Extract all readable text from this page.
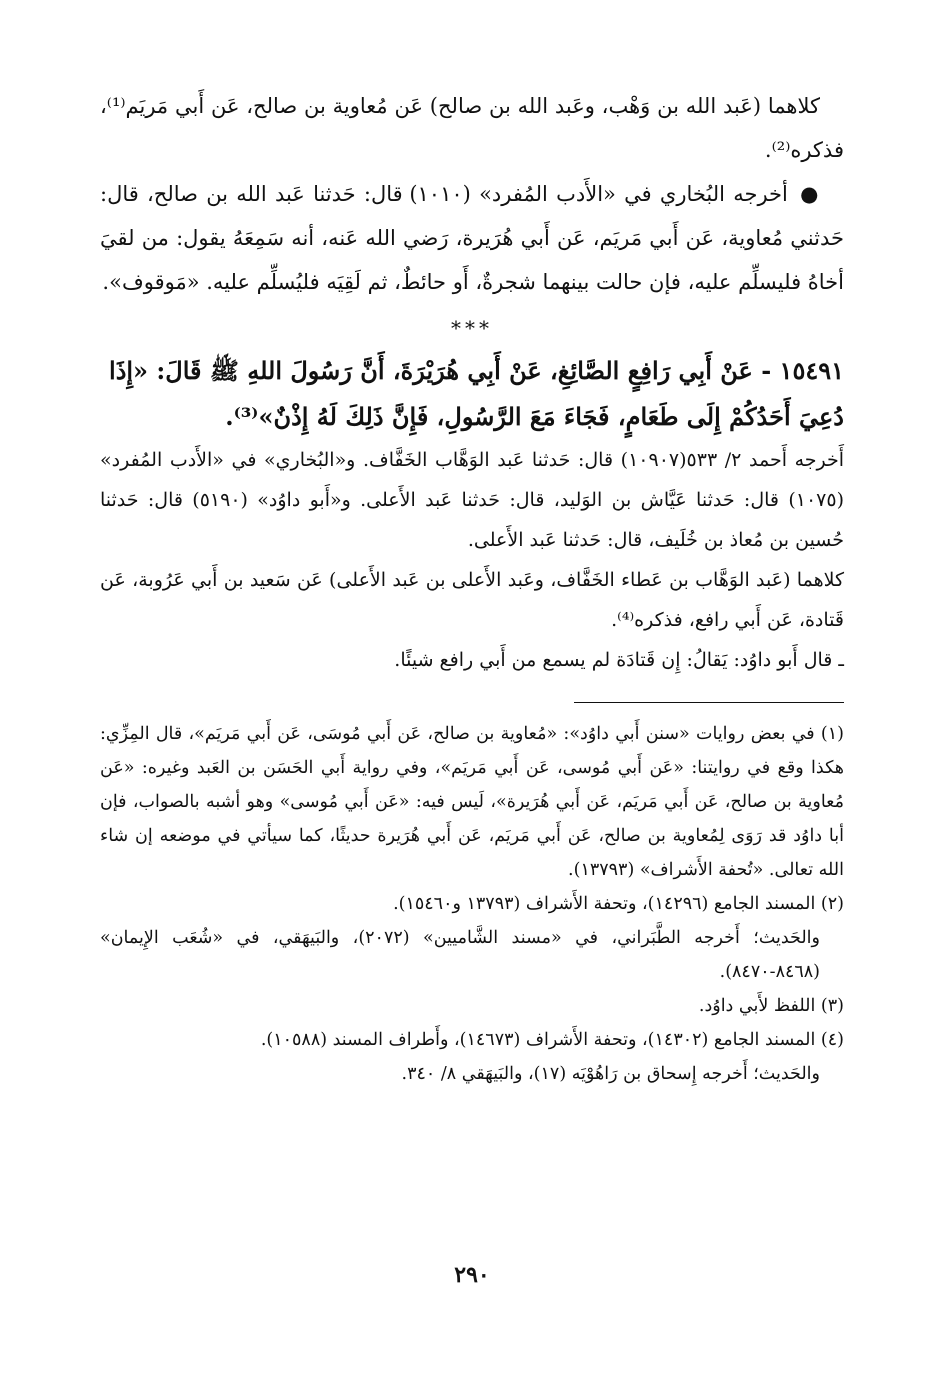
كلاهما (عَبد الله بن وَهْب، وعَبد الله بن صالح) عَن مُعاوية بن صالح، عَن أَبي مَريَم⁽¹⁾، فذكره⁽²⁾.

● أخرجه البُخاري في «الأَدب المُفرد» (١٠١٠) قال: حَدثنا عَبد الله بن صالح، قال: حَدثني مُعاوية، عَن أَبي مَريَم، عَن أَبي هُرَيرة، رَضي الله عَنه، أنه سَمِعَهُ يقول: من لقيَ أخاهُ فليسلِّم عليه، فإن حالت بينهما شجرةٌ، أَو حائطٌ، ثم لَقِيَه فليُسلِّم عليه. «مَوقوف».

***

١٥٤٩١ - عَنْ أَبِي رَافِعٍ الصَّائِغِ، عَنْ أَبِي هُرَيْرَةَ، أَنَّ رَسُولَ اللهِ ﷺ قَالَ: «إِذَا دُعِيَ أَحَدُكُمْ إِلَى طَعَامٍ، فَجَاءَ مَعَ الرَّسُولِ، فَإِنَّ ذَلِكَ لَهُ إِذْنٌ»⁽³⁾.

أَخرجه أَحمد ٢/ ٥٣٣(١٠٩٠٧) قال: حَدثنا عَبد الوَهَّاب الخَفَّاف. و«البُخاري» في «الأَدب المُفرد» (١٠٧٥) قال: حَدثنا عَيَّاش بن الوَليد، قال: حَدثنا عَبد الأَعلى. و«أَبو داوُد» (٥١٩٠) قال: حَدثنا حُسين بن مُعاذ بن خُلَيف، قال: حَدثنا عَبد الأَعلى.

كلاهما (عَبد الوَهَّاب بن عَطاء الخَفَّاف، وعَبد الأَعلى بن عَبد الأَعلى) عَن سَعيد بن أَبي عَرُوبة، عَن قَتادة، عَن أَبي رافع، فذكره⁽⁴⁾.

ـ قال أَبو داوُد: يَقالُ: إِن قَتادَة لم يسمع من أَبي رافع شيئًا.

(١) في بعض روايات «سنن أَبي داوُد»: «مُعاوية بن صالح، عَن أَبي مُوسَى، عَن أَبي مَريَم»، قال المِزِّي: هكذا وقع في روايتنا: «عَن أَبي مُوسى، عَن أَبي مَريَم»، وفي رواية أَبي الحَسَن بن العَبد وغيره: «عَن مُعاوية بن صالح، عَن أَبي مَريَم، عَن أَبي هُرَيرة»، لَيس فيه: «عَن أَبي مُوسى» وهو أشبه بالصواب، فإن أبا داوُد قد رَوَى لِمُعاوية بن صالح، عَن أَبي مَريَم، عَن أَبي هُرَيرة حديثًا، كما سيأتي في موضعه إن شاء الله تعالى. «تُحفة الأَشراف» (١٣٧٩٣).

(٢) المسند الجامع (١٤٢٩٦)، وتحفة الأَشراف (١٣٧٩٣ و١٥٤٦٠).

والحَديث؛ أَخرجه الطَّبَراني، في «مسند الشَّاميين» (٢٠٧٢)، والبَيهَقي، في «شُعَب الإِيمان» (٨٤٦٨-٨٤٧٠).

(٣) اللفظ لأَبي داوُد.

(٤) المسند الجامع (١٤٣٠٢)، وتحفة الأَشراف (١٤٦٧٣)، وأَطراف المسند (١٠٥٨٨).

والحَديث؛ أَخرجه إِسحاق بن رَاهُوْيَه (١٧)، والبَيهَقي ٨/ ٣٤٠.

٢٩٠
